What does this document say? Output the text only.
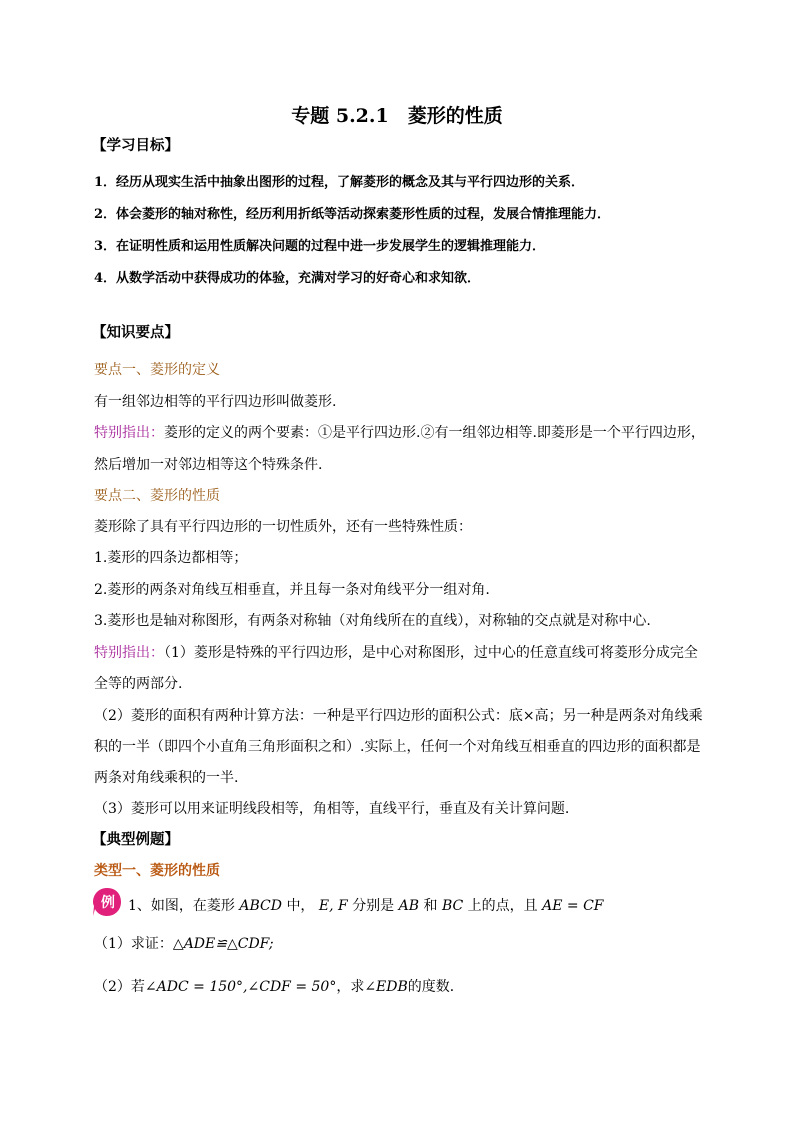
专题 5.2.1　菱形的性质
【学习目标】
1．经历从现实生活中抽象出图形的过程，了解菱形的概念及其与平行四边形的关系．
2．体会菱形的轴对称性，经历利用折纸等活动探索菱形性质的过程，发展合情推理能力．
3．在证明性质和运用性质解决问题的过程中进一步发展学生的逻辑推理能力．
4．从数学活动中获得成功的体验，充满对学习的好奇心和求知欲．
【知识要点】
要点一、菱形的定义
有一组邻边相等的平行四边形叫做菱形.
特别指出：菱形的定义的两个要素：①是平行四边形.②有一组邻边相等.即菱形是一个平行四边形，
然后增加一对邻边相等这个特殊条件.
要点二、菱形的性质
菱形除了具有平行四边形的一切性质外，还有一些特殊性质：
1.菱形的四条边都相等；
2.菱形的两条对角线互相垂直，并且每一条对角线平分一组对角.
3.菱形也是轴对称图形，有两条对称轴（对角线所在的直线），对称轴的交点就是对称中心.
特别指出：（1）菱形是特殊的平行四边形，是中心对称图形，过中心的任意直线可将菱形分成完全
全等的两部分.
（2）菱形的面积有两种计算方法：一种是平行四边形的面积公式：底×高；另一种是两条对角线乘
积的一半（即四个小直角三角形面积之和）.实际上，任何一个对角线互相垂直的四边形的面积都是
两条对角线乘积的一半.
（3）菱形可以用来证明线段相等，角相等，直线平行，垂直及有关计算问题.
【典型例题】
类型一、菱形的性质
例 1、如图，在菱形 ABCD 中， E, F 分别是 AB 和 BC 上的点，且 AE = CF
（1）求证：△ADE≌△CDF;
（2）若∠ADC = 150°,∠CDF = 50°，求∠EDB的度数．
